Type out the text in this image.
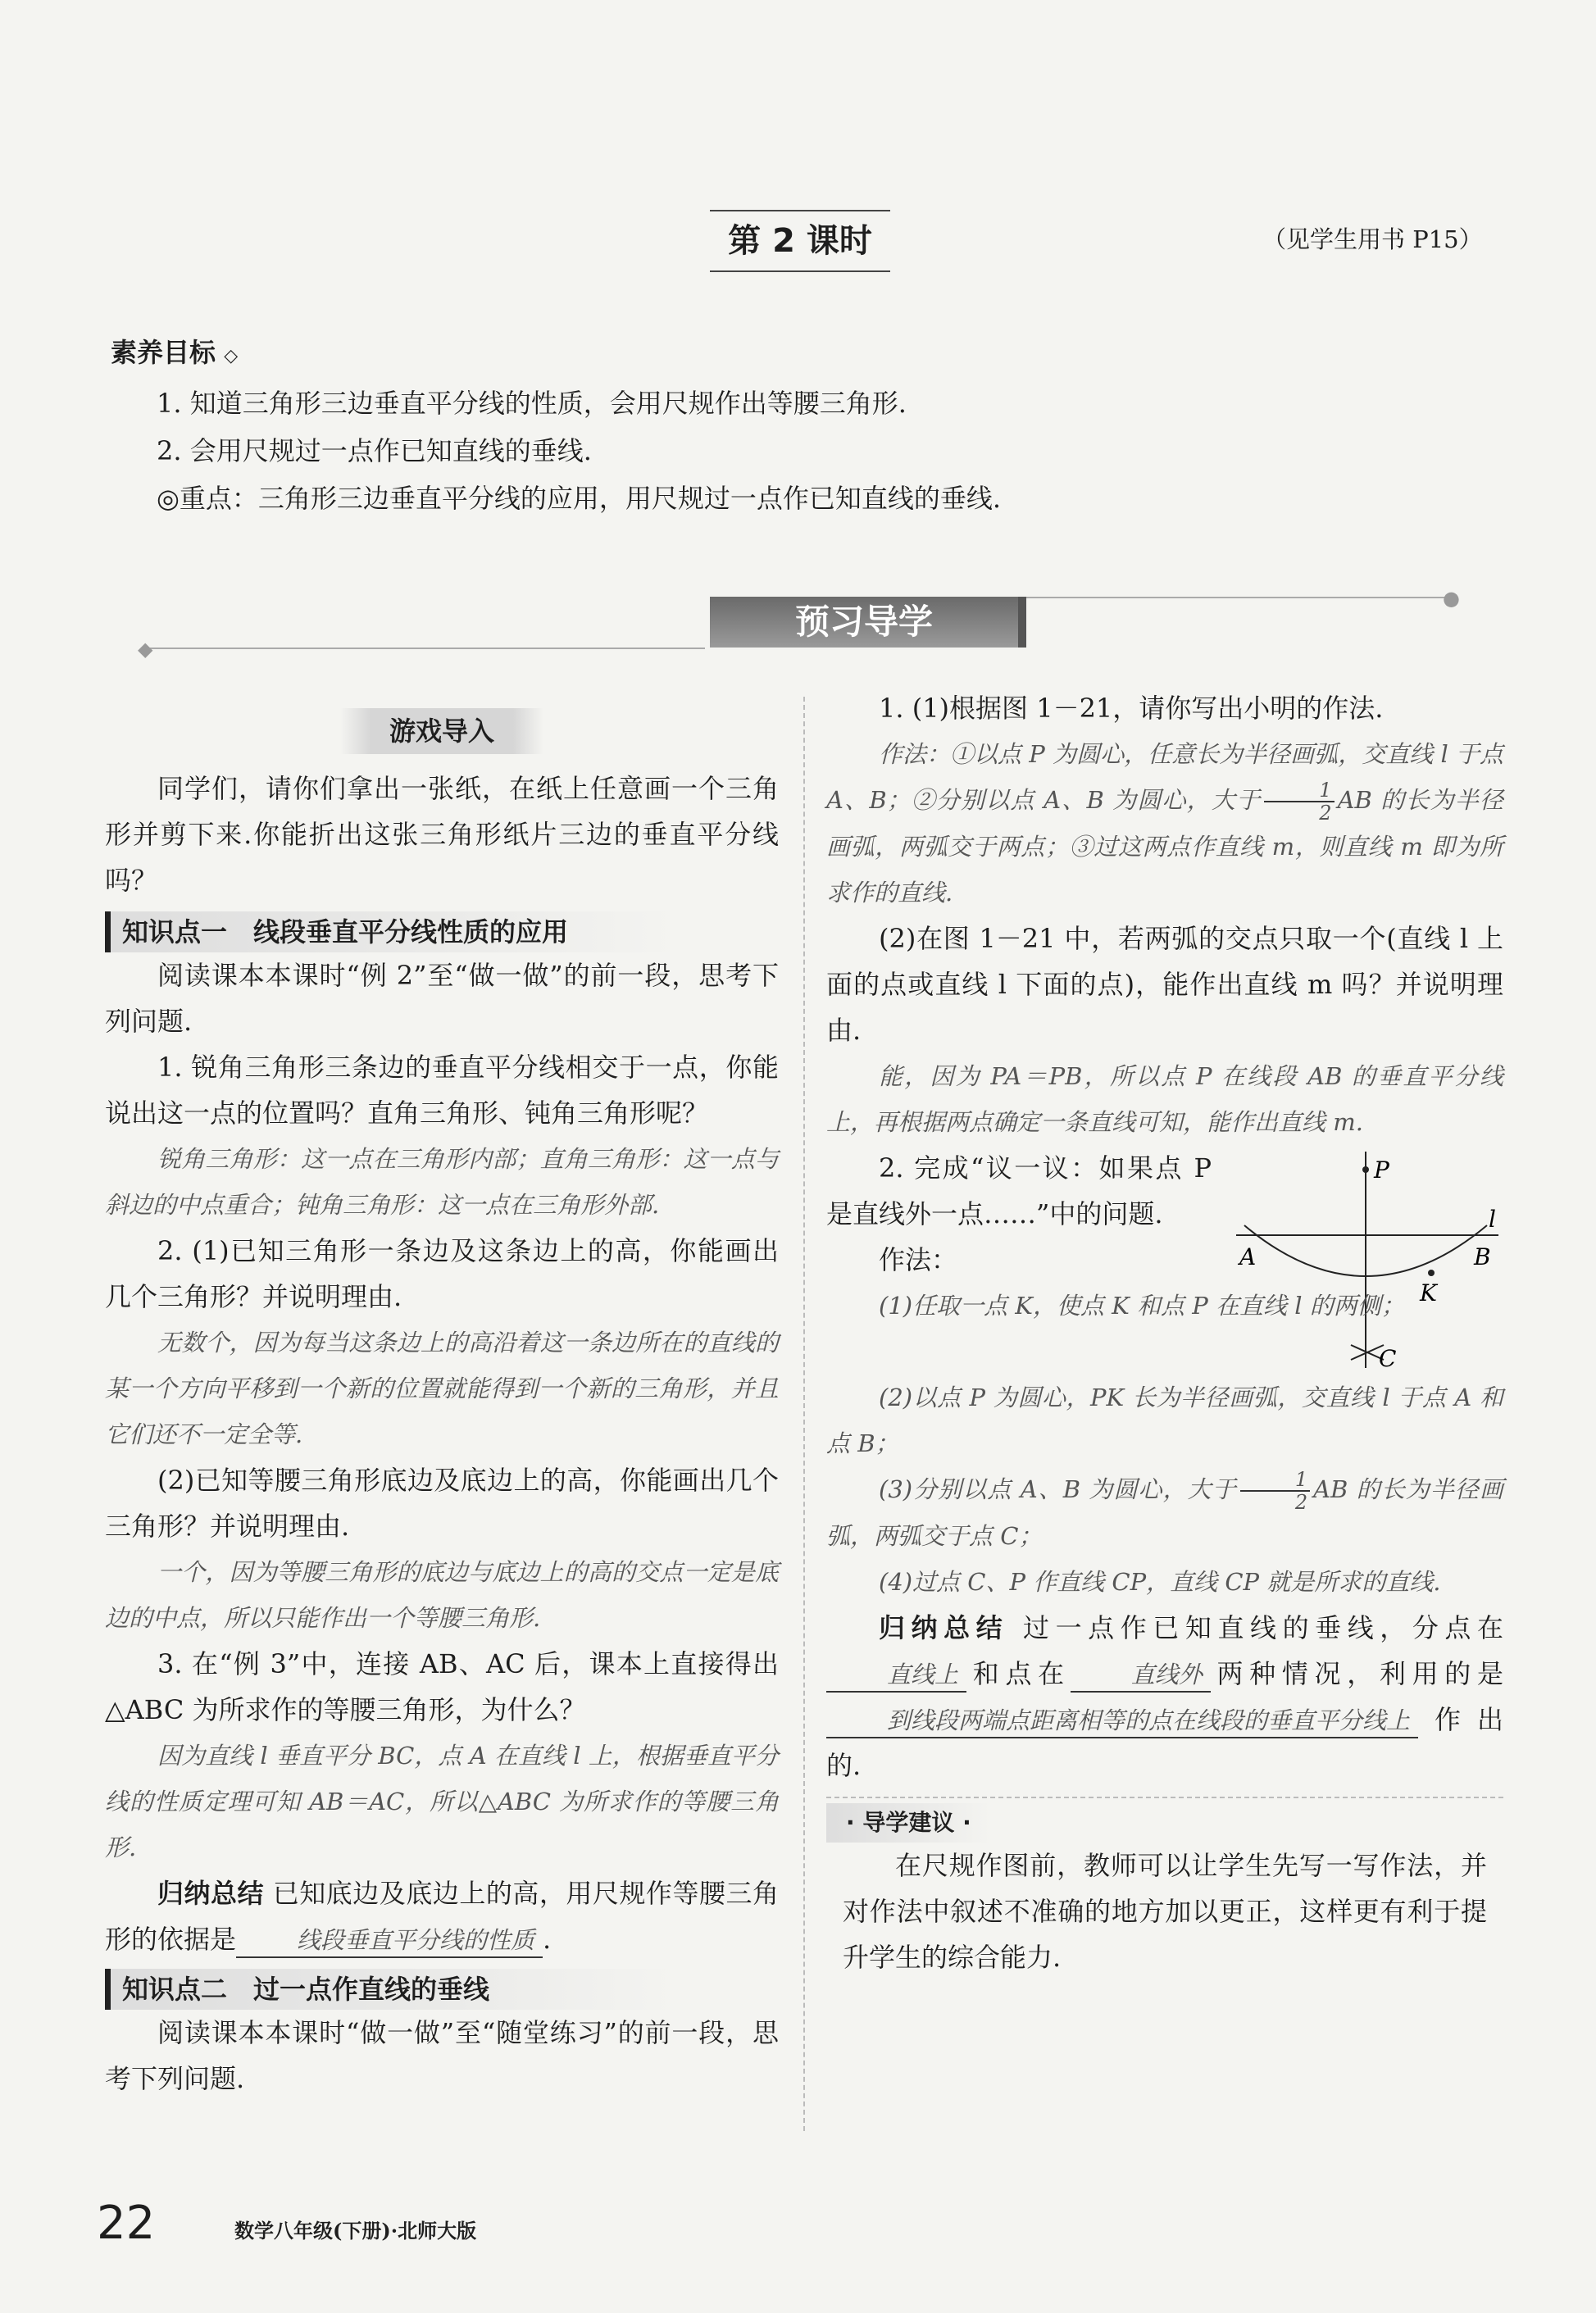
第 2 课时	（见学生用书 P15）
素养目标 ◇

1. 知道三角形三边垂直平分线的性质，会用尺规作出等腰三角形.

2. 会用尺规过一点作已知直线的垂线.

◎重点：三角形三边垂直平分线的应用，用尺规过一点作已知直线的垂线.

◆
●
预习导学
游戏导入

同学们，请你们拿出一张纸，在纸上任意画一个三角形并剪下来.你能折出这张三角形纸片三边的垂直平分线吗？

知识点一　线段垂直平分线性质的应用

阅读课本本课时“例 2”至“做一做”的前一段，思考下列问题.

1. 锐角三角形三条边的垂直平分线相交于一点，你能说出这一点的位置吗？直角三角形、钝角三角形呢？

锐角三角形：这一点在三角形内部；直角三角形：这一点与斜边的中点重合；钝角三角形：这一点在三角形外部.

2. (1)已知三角形一条边及这条边上的高，你能画出几个三角形？并说明理由.

无数个，因为每当这条边上的高沿着这一条边所在的直线的某一个方向平移到一个新的位置就能得到一个新的三角形，并且它们还不一定全等.

(2)已知等腰三角形底边及底边上的高，你能画出几个三角形？并说明理由.

一个，因为等腰三角形的底边与底边上的高的交点一定是底边的中点，所以只能作出一个等腰三角形.

3. 在“例 3”中，连接 AB、AC 后，课本上直接得出△ABC 为所求作的等腰三角形，为什么？

因为直线 l 垂直平分 BC，点 A 在直线 l 上，根据垂直平分线的性质定理可知 AB＝AC，所以△ABC 为所求作的等腰三角形.

归纳总结 已知底边及底边上的高，用尺规作等腰三角形的依据是	线段垂直平分线的性质 .

知识点二　过一点作直线的垂线

阅读课本本课时“做一做”至“随堂练习”的前一段，思考下列问题.

1. (1)根据图 1－21，请你写出小明的作法.

作法：①以点 P 为圆心，任意长为半径画弧，交直线 l 于点 A、B；②分别以点 A、B 为圆心，大于 $\frac{1}{2}$ AB 的长为半径画弧，两弧交于两点；③过这两点作直线 m，则直线 m 即为所求作的直线.

(2)在图 1－21 中，若两弧的交点只取一个(直线 l 上面的点或直线 l 下面的点)，能作出直线 m 吗？并说明理由.

能，因为 PA＝PB，所以点 P 在线段 AB 的垂直平分线上，再根据两点确定一条直线可知，能作出直线 m.

2. 完成“议一议：如果点 P 是直线外一点……”中的问题.

作法：

(1)任取一点 K，使点 K 和点 P 在直线 l 的两侧；

P
l
A	B
K
C

(2)以点 P 为圆心，PK 长为半径画弧，交直线 l 于点 A 和点 B；

(3)分别以点 A、B 为圆心，大于 $\frac{1}{2}$ AB 的长为半径画弧，两弧交于点 C；

(4)过点 C、P 作直线 CP，直线 CP 就是所求的直线.

归纳总结 过一点作已知直线的垂线，分点在直线上 和点在	直线外 两种情况，利用的是到线段两端点距离相等的点在线段的垂直平分线上 作出的.

· 导学建议 ·

在尺规作图前，教师可以让学生先写一写作法，并对作法中叙述不准确的地方加以更正，这样更有利于提升学生的综合能力.

22	数学八年级(下册)·北师大版
